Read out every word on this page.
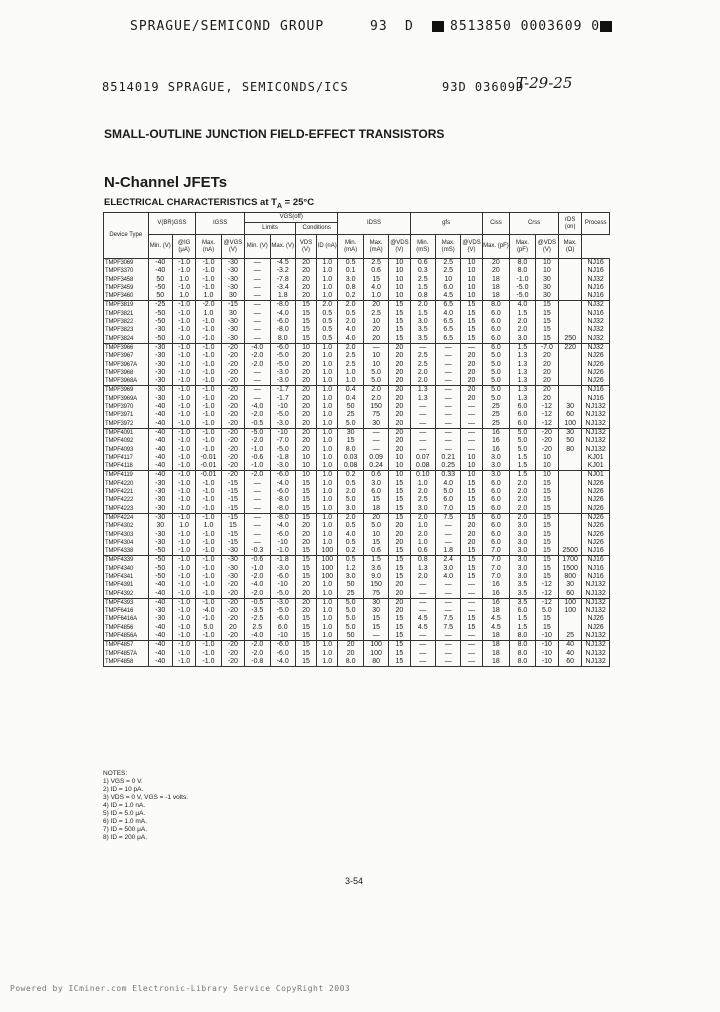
SPRAGUE/SEMICOND GROUP	93 D	8513850 0003609 0
8514019 SPRAGUE, SEMICONDS/ICS	93D 03609D
T-29-25
SMALL-OUTLINE JUNCTION FIELD-EFFECT TRANSISTORS
N-Channel JFETs
ELECTRICAL CHARACTERISTICS at $T_A = 25^\circ C$
Device Type	V(BR)GSS		IGSS		VGS(off)				IDSS			gfs			Ciss	Crss		rDS (on)	Process
					Limits		Conditions												
	Min. (V)	@IG (μA)	Max. (nA)	@VGS (V)	Min. (V)	Max. (V)	VDS (V)	ID (nA)	Min. (mA)	Max. (mA)	@VDS (V)	Min. (mS)	Max. (mS)	@VDS (V)	Max. (pF)	Max. (pF)	@VDS (V)	Max. (Ω)	
TMPF3069	-40	-1.0	-1.0	-30	—	-4.5	20	1.0	0.5	2.5	10	0.6	2.5	10	20	8.0	10		NJ16
TMPF3370	-40	-1.0	-1.0	-30	—	-3.2	20	1.0	0.1	0.6	10	0.3	2.5	10	20	8.0	10		NJ16
TMPF3458	50	1.0	-1.0	-30	—	-7.8	20	1.0	3.0	15	10	2.5	10	10	18	-1.0	30		NJ32
TMPF3459	-50	-1.0	-1.0	-30	—	-3.4	20	1.0	0.8	4.0	10	1.5	6.0	10	18	-5.0	30		NJ16
TMPF3460	50	1.0	1.0	30	—	1.8	20	1.0	0.2	1.0	10	0.8	4.5	10	18	-5.0	30		NJ16
TMPF3819	-25	-1.0	-2.0	-15	—	-8.0	15	2.0	2.0	20	15	2.0	6.5	15	8.0	4.0	15		NJ32
TMPF3821	-50	-1.0	1.0	30	—	-4.0	15	0.5	0.5	2.5	15	1.5	4.0	15	6.0	1.5	15		NJ16
TMPF3822	-50	-1.0	-1.0	-30	—	-6.0	15	0.5	2.0	10	15	3.0	6.5	15	6.0	2.0	15		NJ32
TMPF3823	-30	-1.0	-1.0	-30	—	-8.0	15	0.5	4.0	20	15	3.5	6.5	15	6.0	2.0	15		NJ32
TMPF3824	-50	-1.0	-1.0	-30	—	8.0	15	0.5	4.0	20	15	3.5	6.5	15	6.0	3.0	15	250	NJ32
TMPF3966	-30	-1.0	-1.0	-20	-4.0	-6.0	10	1.0	2.0	—	20	—	—	—	6.0	1.5	-7.0	220	NJ32
TMPF3967	-30	-1.0	-1.0	-20	-2.0	-5.0	20	1.0	2.5	10	20	2.5	—	20	5.0	1.3	20		NJ26
TMPF3967A	-30	-1.0	-1.0	-20	-2.0	-5.0	20	1.0	2.5	10	20	2.5	—	20	5.0	1.3	20		NJ26
TMPF3968	-30	-1.0	-1.0	-20	—	-3.0	20	1.0	1.0	5.0	20	2.0	—	20	5.0	1.3	20		NJ26
TMPF3968A	-30	-1.0	-1.0	-20	—	-3.0	20	1.0	1.0	5.0	20	2.0	—	20	5.0	1.3	20		NJ26
TMPF3969	-30	-1.0	-1.0	-20	—	-1.7	20	1.0	0.4	2.0	20	1.3	—	20	5.0	1.3	20		NJ16
TMPF3969A	-30	-1.0	-1.0	-20	—	-1.7	20	1.0	0.4	2.0	20	1.3	—	20	5.0	1.3	20		NJ16
TMPF3970	-40	-1.0	-1.0	-20	-4.0	-10	20	1.0	50	150	20	—	—	—	25	6.0	-12	30	NJ132
TMPF3971	-40	-1.0	-1.0	-20	-2.0	-5.0	20	1.0	25	75	20	—	—	—	25	6.0	-12	60	NJ132
TMPF3972	-40	-1.0	-1.0	-20	-0.5	-3.0	20	1.0	5.0	30	20	—	—	—	25	6.0	-12	100	NJ132
TMPF4091	-40	-1.0	-1.0	-20	-5.0	-10	20	1.0	30	—	20	—	—	—	16	5.0	-20	30	NJ132
TMPF4092	-40	-1.0	-1.0	-20	-2.0	-7.0	20	1.0	15	—	20	—	—	—	16	5.0	-20	50	NJ132
TMPF4093	-40	-1.0	-1.0	-20	-1.0	-5.0	20	1.0	8.0	—	20	—	—	—	16	5.0	-20	80	NJ132
TMPF4117	-40	-1.0	-0.01	-20	-0.6	-1.8	10	1.0	0.03	0.09	10	0.07	0.21	10	3.0	1.5	10		KJ01
TMPF4118	-40	-1.0	-0.01	-20	-1.0	-3.0	10	1.0	0.08	0.24	10	0.08	0.25	10	3.0	1.5	10		KJ01
TMPF4119	-40	-1.0	-0.01	-20	-2.0	-6.0	10	1.0	0.2	0.6	10	0.10	0.33	10	3.0	1.5	10		NJ01
TMPF4220	-30	-1.0	-1.0	-15	—	-4.0	15	1.0	0.5	3.0	15	1.0	4.0	15	6.0	2.0	15		NJ26
TMPF4221	-30	-1.0	-1.0	-15	—	-6.0	15	1.0	2.0	6.0	15	2.0	5.0	15	6.0	2.0	15		NJ26
TMPF4222	-30	-1.0	-1.0	-15	—	-8.0	15	1.0	5.0	15	15	2.5	6.0	15	6.0	2.0	15		NJ26
TMPF4223	-30	-1.0	-1.0	-15	—	-8.0	15	1.0	3.0	18	15	3.0	7.0	15	6.0	2.0	15		NJ26
TMPF4224	-30	-1.0	-1.0	-15	—	-8.0	15	1.0	2.0	20	15	2.0	7.5	15	6.0	2.0	15		NJ26
TMPF4302	30	1.0	1.0	15	—	-4.0	20	1.0	0.5	5.0	20	1.0	—	20	6.0	3.0	15		NJ26
TMPF4303	-30	-1.0	-1.0	-15	—	-6.0	20	1.0	4.0	10	20	2.0	—	20	6.0	3.0	15		NJ26
TMPF4304	-30	-1.0	-1.0	-15	—	-10	20	1.0	0.5	15	20	1.0	—	20	6.0	3.0	15		NJ26
TMPF4338	-50	-1.0	-1.0	-30	-0.3	-1.0	15	100	0.2	0.6	15	0.6	1.8	15	7.0	3.0	15	2500	NJ16
TMPF4339	-50	-1.0	-1.0	-30	-0.6	-1.8	15	100	0.5	1.5	15	0.8	2.4	15	7.0	3.0	15	1700	NJ16
TMPF4340	-50	-1.0	-1.0	-30	-1.0	-3.0	15	100	1.2	3.6	15	1.3	3.0	15	7.0	3.0	15	1500	NJ16
TMPF4341	-50	-1.0	-1.0	-30	-2.0	-6.0	15	100	3.0	9.0	15	2.0	4.0	15	7.0	3.0	15	800	NJ16
TMPF4391	-40	-1.0	-1.0	-20	-4.0	-10	20	1.0	50	150	20	—	—	—	16	3.5	-12	30	NJ132
TMPF4392	-40	-1.0	-1.0	-20	-2.0	-5.0	20	1.0	25	75	20	—	—	—	16	3.5	-12	60	NJ132
TMPF4393	-40	-1.0	-1.0	-20	-0.5	-3.0	20	1.0	5.0	30	20	—	—	—	16	3.5	-12	100	NJ132
TMPF6416	-30	-1.0	-4.0	-20	-3.5	-5.0	20	1.0	5.0	30	20	—	—	—	18	6.0	5.0	100	NJ132
TMPF6416A	-30	-1.0	-1.0	-20	-2.5	-6.0	15	1.0	5.0	15	15	4.5	7.5	15	4.5	1.5	15		NJ26
TMPF4856	-40	-1.0	5.0	20	2.5	6.0	15	1.0	5.0	15	15	4.5	7.5	15	4.5	1.5	15		NJ26
TMPF4856A	-40	-1.0	-1.0	-20	-4.0	-10	15	1.0	50	—	15	—	—	—	18	8.0	-10	25	NJ132
TMPF4857	-40	-1.0	-1.0	-20	-2.0	-6.0	15	1.0	20	100	15	—	—	—	18	8.0	-10	40	NJ132
TMPF4857A	-40	-1.0	-1.0	-20	-2.0	-6.0	15	1.0	20	100	15	—	—	—	18	8.0	-10	40	NJ132
TMPF4858	-40	-1.0	-1.0	-20	-0.8	-4.0	15	1.0	8.0	80	15	—	—	—	18	8.0	-10	60	NJ132
NOTES:
1) VGS = 0 V.
2) ID = 10 pA.
3) VDS = 0 V, VGS = -1 volts.
4) ID = 1.0 nA.
5) ID = 5.0 μA.
6) ID = 1.0 mA.
7) ID = 500 μA.
8) ID = 200 μA.
3-54
Powered by ICminer.com Electronic-Library Service CopyRight 2003
